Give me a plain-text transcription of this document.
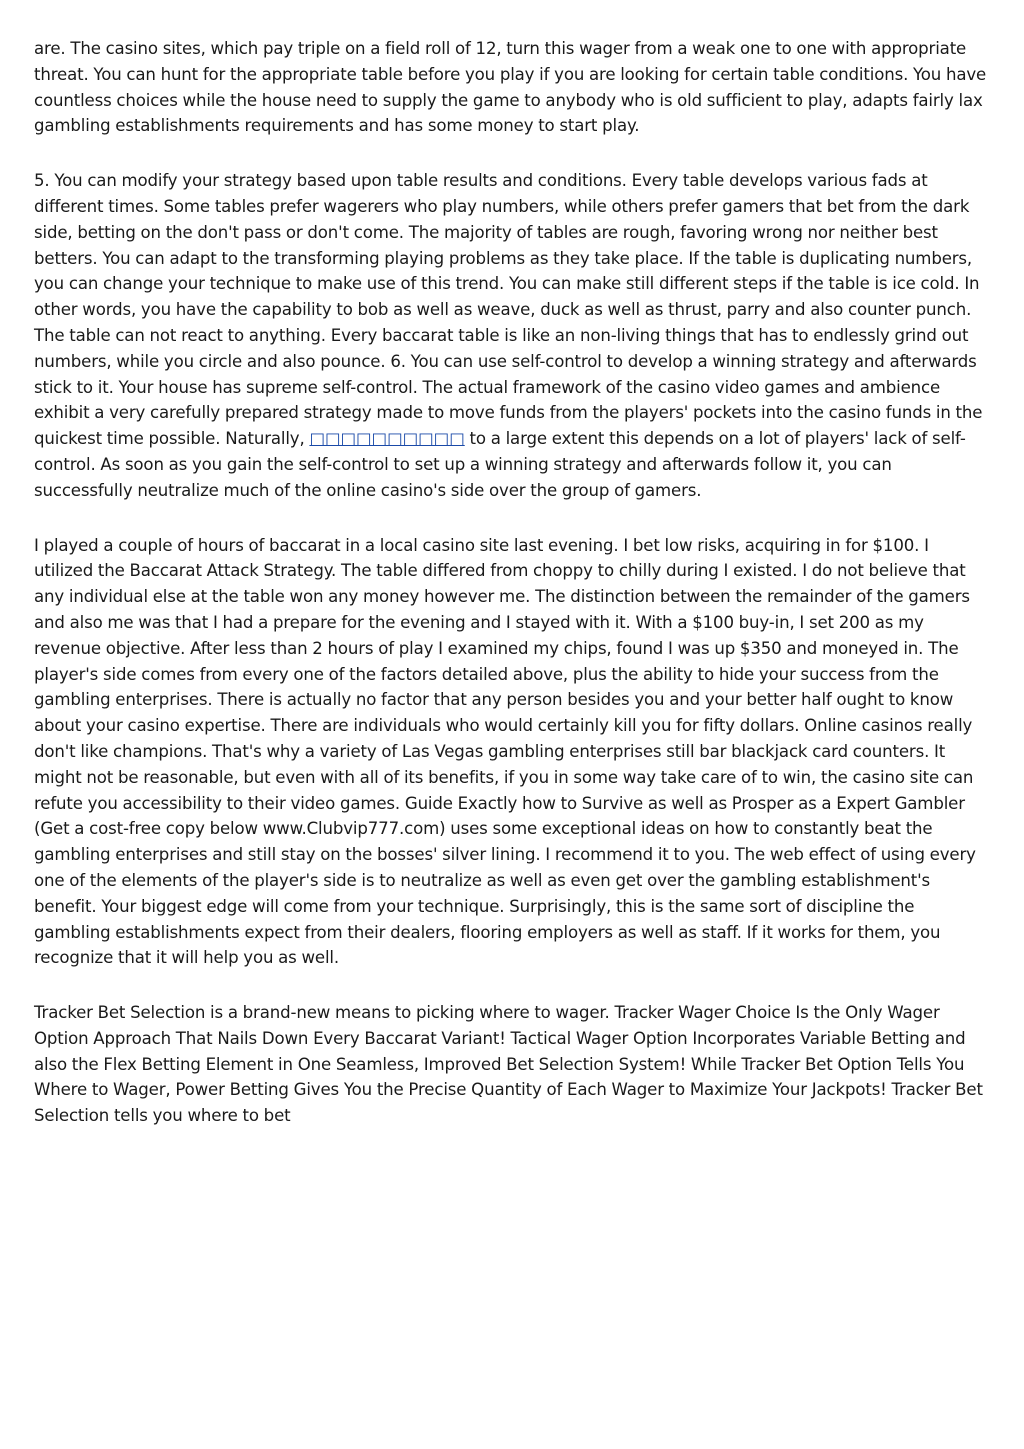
are. The casino sites, which pay triple on a field roll of 12, turn this wager from a weak one to one with appropriate threat. You can hunt for the appropriate table before you play if you are looking for certain table conditions. You have countless choices while the house need to supply the game to anybody who is old sufficient to play, adapts fairly lax gambling establishments requirements and has some money to start play.

5. You can modify your strategy based upon table results and conditions. Every table develops various fads at different times. Some tables prefer wagerers who play numbers, while others prefer gamers that bet from the dark side, betting on the don't pass or don't come. The majority of tables are rough, favoring wrong nor neither best betters. You can adapt to the transforming playing problems as they take place. If the table is duplicating numbers, you can change your technique to make use of this trend. You can make still different steps if the table is ice cold. In other words, you have the capability to bob as well as weave, duck as well as thrust, parry and also counter punch. The table can not react to anything. Every baccarat table is like an non-living things that has to endlessly grind out numbers, while you circle and also pounce. 6. You can use self-control to develop a winning strategy and afterwards stick to it. Your house has supreme self-control. The actual framework of the casino video games and ambience exhibit a very carefully prepared strategy made to move funds from the players' pockets into the casino funds in the quickest time possible. Naturally, □□□□□□□□□□ to a large extent this depends on a lot of players' lack of self-control. As soon as you gain the self-control to set up a winning strategy and afterwards follow it, you can successfully neutralize much of the online casino's side over the group of gamers.

I played a couple of hours of baccarat in a local casino site last evening. I bet low risks, acquiring in for $100. I utilized the Baccarat Attack Strategy. The table differed from choppy to chilly during I existed. I do not believe that any individual else at the table won any money however me. The distinction between the remainder of the gamers and also me was that I had a prepare for the evening and I stayed with it. With a $100 buy-in, I set 200 as my revenue objective. After less than 2 hours of play I examined my chips, found I was up $350 and moneyed in. The player's side comes from every one of the factors detailed above, plus the ability to hide your success from the gambling enterprises. There is actually no factor that any person besides you and your better half ought to know about your casino expertise. There are individuals who would certainly kill you for fifty dollars. Online casinos really don't like champions. That's why a variety of Las Vegas gambling enterprises still bar blackjack card counters. It might not be reasonable, but even with all of its benefits, if you in some way take care of to win, the casino site can refute you accessibility to their video games. Guide Exactly how to Survive as well as Prosper as a Expert Gambler (Get a cost-free copy below www.Clubvip777.com) uses some exceptional ideas on how to constantly beat the gambling enterprises and still stay on the bosses' silver lining. I recommend it to you. The web effect of using every one of the elements of the player's side is to neutralize as well as even get over the gambling establishment's benefit. Your biggest edge will come from your technique. Surprisingly, this is the same sort of discipline the gambling establishments expect from their dealers, flooring employers as well as staff. If it works for them, you recognize that it will help you as well.

Tracker Bet Selection is a brand-new means to picking where to wager. Tracker Wager Choice Is the Only Wager Option Approach That Nails Down Every Baccarat Variant! Tactical Wager Option Incorporates Variable Betting and also the Flex Betting Element in One Seamless, Improved Bet Selection System! While Tracker Bet Option Tells You Where to Wager, Power Betting Gives You the Precise Quantity of Each Wager to Maximize Your Jackpots! Tracker Bet Selection tells you where to bet
